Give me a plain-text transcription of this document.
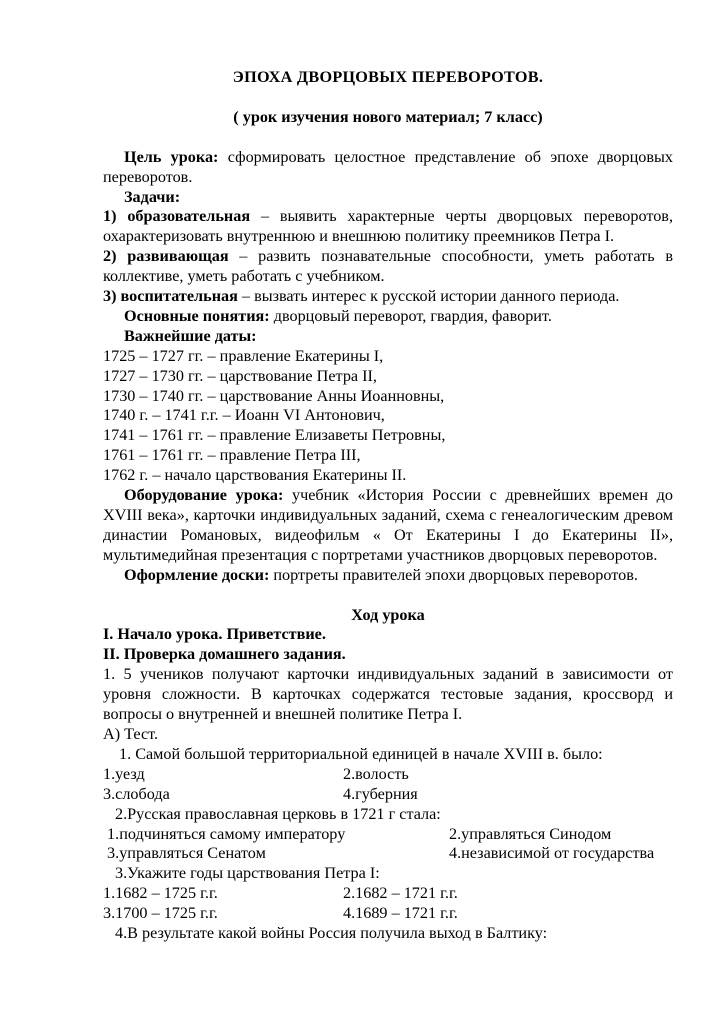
ЭПОХА ДВОРЦОВЫХ ПЕРЕВОРОТОВ.

( урок изучения нового материал; 7 класс)

Цель урока: сформировать целостное представление об эпохе дворцовых переворотов.

Задачи:

1) образовательная – выявить характерные черты дворцовых переворотов, охарактеризовать внутреннюю и внешнюю политику преемников Петра I.

2) развивающая – развить познавательные способности, уметь работать в коллективе, уметь работать с учебником.

3) воспитательная – вызвать интерес к русской истории данного периода.

Основные понятия: дворцовый переворот, гвардия, фаворит.

Важнейшие даты:

1725 – 1727 гг. – правление Екатерины I,
1727 – 1730 гг. – царствование Петра II,
1730 – 1740 гг. – царствование Анны Иоанновны,
1740 г. – 1741 г.г. – Иоанн VI Антонович,
1741 – 1761 гг. – правление Елизаветы Петровны,
1761 – 1761 гг. – правление Петра III,
1762 г. – начало царствования Екатерины II.

Оборудование урока: учебник «История России с древнейших времен до XVIII века», карточки индивидуальных заданий, схема с генеалогическим древом династии Романовых, видеофильм « От Екатерины I до Екатерины II», мультимедийная презентация с портретами участников дворцовых переворотов.

Оформление доски: портреты правителей эпохи дворцовых переворотов.

Ход урока

I. Начало урока. Приветствие.

II. Проверка домашнего задания.

1. 5 учеников получают карточки индивидуальных заданий в зависимости от уровня сложности. В карточках содержатся тестовые задания, кроссворд и вопросы о внутренней и внешней политике Петра I.

А) Тест.

1. Самой большой территориальной единицей в начале XVIII в. было:
1.уезд	2.волость
3.слобода	4.губерния
2.Русская православная церковь в 1721 г стала:
1.подчиняться самому императору	2.управляться Синодом
3.управляться Сенатом	4.независимой от государства
3.Укажите годы царствования Петра I:
1.1682 – 1725 г.г.	2.1682 – 1721 г.г.
3.1700 – 1725 г.г.	4.1689 – 1721 г.г.
4.В результате какой войны Россия получила выход в Балтику:
